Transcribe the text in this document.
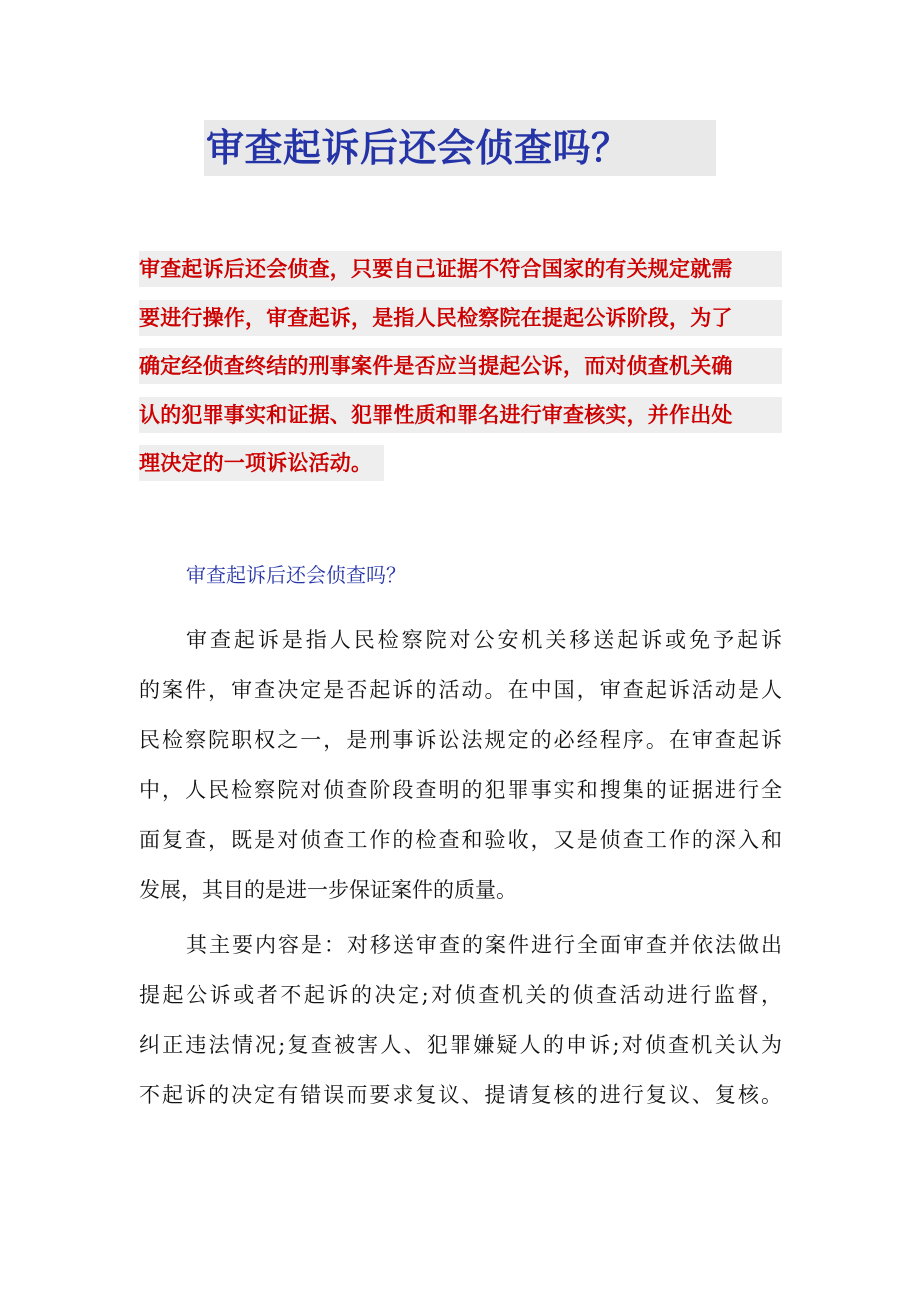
审查起诉后还会侦查吗？
审查起诉后还会侦查，只要自己证据不符合国家的有关规定就需
要进行操作，审查起诉，是指人民检察院在提起公诉阶段，为了
确定经侦查终结的刑事案件是否应当提起公诉，而对侦查机关确
认的犯罪事实和证据、犯罪性质和罪名进行审查核实，并作出处
理决定的一项诉讼活动。
审查起诉后还会侦查吗？
审查起诉是指人民检察院对公安机关移送起诉或免予起诉
的案件，审查决定是否起诉的活动。在中国，审查起诉活动是人
民检察院职权之一，是刑事诉讼法规定的必经程序。在审查起诉
中，人民检察院对侦查阶段查明的犯罪事实和搜集的证据进行全
面复查，既是对侦查工作的检查和验收，又是侦查工作的深入和
发展，其目的是进一步保证案件的质量。
其主要内容是：对移送审查的案件进行全面审查并依法做出
提起公诉或者不起诉的决定;对侦查机关的侦查活动进行监督，
纠正违法情况;复查被害人、犯罪嫌疑人的申诉;对侦查机关认为
不起诉的决定有错误而要求复议、提请复核的进行复议、复核。
